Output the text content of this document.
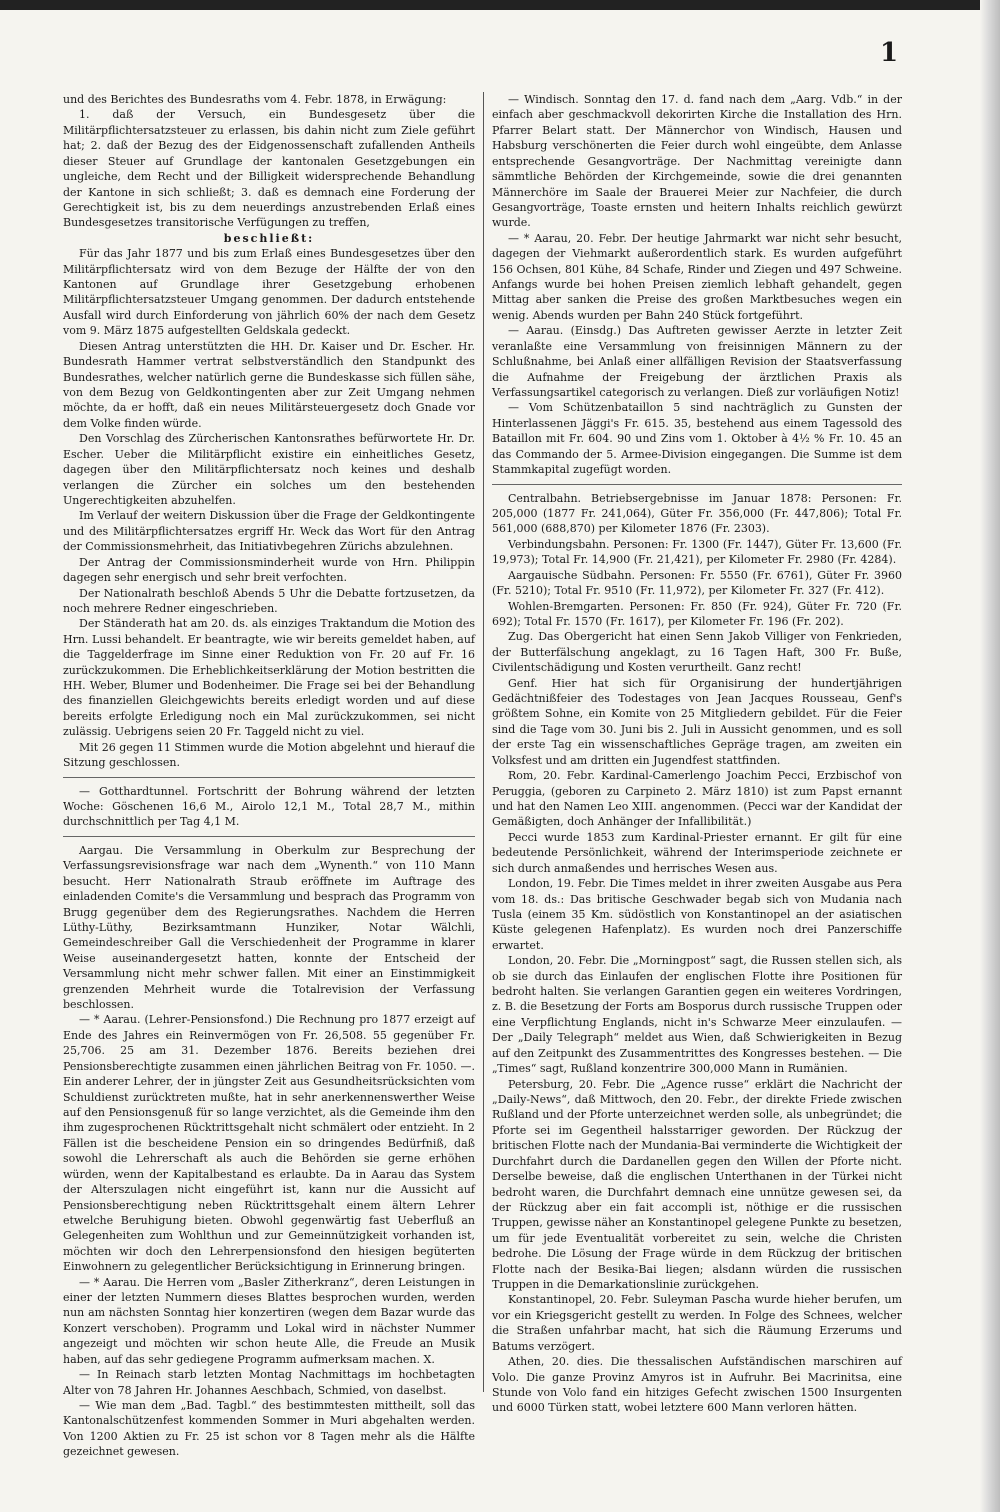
1

und des Berichtes des Bundesraths vom 4. Febr. 1878, in Erwägung:

1. daß der Versuch, ein Bundesgesetz über die Militärpflichtersatzsteuer zu erlassen, bis dahin nicht zum Ziele geführt hat; 2. daß der Bezug des der Eidgenossenschaft zufallenden Antheils dieser Steuer auf Grundlage der kantonalen Gesetzgebungen ein ungleiche, dem Recht und der Billigkeit widersprechende Behandlung der Kantone in sich schließt; 3. daß es demnach eine Forderung der Gerechtigkeit ist, bis zu dem neuerdings anzustrebenden Erlaß eines Bundesgesetzes transitorische Verfügungen zu treffen,

beschließt:

Für das Jahr 1877 und bis zum Erlaß eines Bundesgesetzes über den Militärpflichtersatz wird von dem Bezuge der Hälfte der von den Kantonen auf Grundlage ihrer Gesetzgebung erhobenen Militärpflichtersatzsteuer Umgang genommen. Der dadurch entstehende Ausfall wird durch Einforderung von jährlich 60% der nach dem Gesetz vom 9. März 1875 aufgestellten Geldskala gedeckt.

Diesen Antrag unterstützten die HH. Dr. Kaiser und Dr. Escher. Hr. Bundesrath Hammer vertrat selbstverständlich den Standpunkt des Bundesrathes, welcher natürlich gerne die Bundeskasse sich füllen sähe, von dem Bezug von Geldkontingenten aber zur Zeit Umgang nehmen möchte, da er hofft, daß ein neues Militärsteuergesetz doch Gnade vor dem Volke finden würde.

Den Vorschlag des Zürcherischen Kantonsrathes befürwortete Hr. Dr. Escher. Ueber die Militärpflicht existire ein einheitliches Gesetz, dagegen über den Militärpflichtersatz noch keines und deshalb verlangen die Zürcher ein solches um den bestehenden Ungerechtigkeiten abzuhelfen.

Im Verlauf der weitern Diskussion über die Frage der Geldkontingente und des Militärpflichtersatzes ergriff Hr. Weck das Wort für den Antrag der Commissionsmehrheit, das Initiativbegehren Zürichs abzulehnen.

Der Antrag der Commissionsminderheit wurde von Hrn. Philippin dagegen sehr energisch und sehr breit verfochten.

Der Nationalrath beschloß Abends 5 Uhr die Debatte fortzusetzen, da noch mehrere Redner eingeschrieben.

Der Ständerath hat am 20. ds. als einziges Traktandum die Motion des Hrn. Lussi behandelt. Er beantragte, wie wir bereits gemeldet haben, auf die Taggelderfrage im Sinne einer Reduktion von Fr. 20 auf Fr. 16 zurückzukommen. Die Erheblichkeitserklärung der Motion bestritten die HH. Weber, Blumer und Bodenheimer. Die Frage sei bei der Behandlung des finanziellen Gleichgewichts bereits erledigt worden und auf diese bereits erfolgte Erledigung noch ein Mal zurückzukommen, sei nicht zulässig. Uebrigens seien 20 Fr. Taggeld nicht zu viel.

Mit 26 gegen 11 Stimmen wurde die Motion abgelehnt und hierauf die Sitzung geschlossen.

— Gotthardtunnel. Fortschritt der Bohrung während der letzten Woche: Göschenen 16,6 M., Airolo 12,1 M., Total 28,7 M., mithin durchschnittlich per Tag 4,1 M.

Aargau. Die Versammlung in Oberkulm zur Besprechung der Verfassungsrevisionsfrage war nach dem „Wynenth.“ von 110 Mann besucht. Herr Nationalrath Straub eröffnete im Auftrage des einladenden Comite's die Versammlung und besprach das Programm von Brugg gegenüber dem des Regierungsrathes. Nachdem die Herren Lüthy-Lüthy, Bezirksamtmann Hunziker, Notar Wälchli, Gemeindeschreiber Gall die Verschiedenheit der Programme in klarer Weise auseinandergesetzt hatten, konnte der Entscheid der Versammlung nicht mehr schwer fallen. Mit einer an Einstimmigkeit grenzenden Mehrheit wurde die Totalrevision der Verfassung beschlossen.

— * Aarau. (Lehrer-Pensionsfond.) Die Rechnung pro 1877 erzeigt auf Ende des Jahres ein Reinvermögen von Fr. 26,508. 55 gegenüber Fr. 25,706. 25 am 31. Dezember 1876. Bereits beziehen drei Pensionsberechtigte zusammen einen jährlichen Beitrag von Fr. 1050. —. Ein anderer Lehrer, der in jüngster Zeit aus Gesundheitsrücksichten vom Schuldienst zurücktreten mußte, hat in sehr anerkennenswerther Weise auf den Pensionsgenuß für so lange verzichtet, als die Gemeinde ihm den ihm zugesprochenen Rücktrittsgehalt nicht schmälert oder entzieht. In 2 Fällen ist die bescheidene Pension ein so dringendes Bedürfniß, daß sowohl die Lehrerschaft als auch die Behörden sie gerne erhöhen würden, wenn der Kapitalbestand es erlaubte. Da in Aarau das System der Alterszulagen nicht eingeführt ist, kann nur die Aussicht auf Pensionsberechtigung neben Rücktrittsgehalt einem ältern Lehrer etwelche Beruhigung bieten. Obwohl gegenwärtig fast Ueberfluß an Gelegenheiten zum Wohlthun und zur Gemeinnützigkeit vorhanden ist, möchten wir doch den Lehrerpensionsfond den hiesigen begüterten Einwohnern zu gelegentlicher Berücksichtigung in Erinnerung bringen.

— * Aarau. Die Herren vom „Basler Zitherkranz“, deren Leistungen in einer der letzten Nummern dieses Blattes besprochen wurden, werden nun am nächsten Sonntag hier konzertiren (wegen dem Bazar wurde das Konzert verschoben). Programm und Lokal wird in nächster Nummer angezeigt und möchten wir schon heute Alle, die Freude an Musik haben, auf das sehr gediegene Programm aufmerksam machen. X.

— In Reinach starb letzten Montag Nachmittags im hochbetagten Alter von 78 Jahren Hr. Johannes Aeschbach, Schmied, von daselbst.

— Wie man dem „Bad. Tagbl.“ des bestimmtesten mittheilt, soll das Kantonalschützenfest kommenden Sommer in Muri abgehalten werden. Von 1200 Aktien zu Fr. 25 ist schon vor 8 Tagen mehr als die Hälfte gezeichnet gewesen.

— Windisch. Sonntag den 17. d. fand nach dem „Aarg. Vdb.“ in der einfach aber geschmackvoll dekorirten Kirche die Installation des Hrn. Pfarrer Belart statt. Der Männerchor von Windisch, Hausen und Habsburg verschönerten die Feier durch wohl eingeübte, dem Anlasse entsprechende Gesangvorträge. Der Nachmittag vereinigte dann sämmtliche Behörden der Kirchgemeinde, sowie die drei genannten Männerchöre im Saale der Brauerei Meier zur Nachfeier, die durch Gesangvorträge, Toaste ernsten und heitern Inhalts reichlich gewürzt wurde.

— * Aarau, 20. Febr. Der heutige Jahrmarkt war nicht sehr besucht, dagegen der Viehmarkt außerordentlich stark. Es wurden aufgeführt 156 Ochsen, 801 Kühe, 84 Schafe, Rinder und Ziegen und 497 Schweine. Anfangs wurde bei hohen Preisen ziemlich lebhaft gehandelt, gegen Mittag aber sanken die Preise des großen Marktbesuches wegen ein wenig. Abends wurden per Bahn 240 Stück fortgeführt.

— Aarau. (Einsdg.) Das Auftreten gewisser Aerzte in letzter Zeit veranlaßte eine Versammlung von freisinnigen Männern zu der Schlußnahme, bei Anlaß einer allfälligen Revision der Staatsverfassung die Aufnahme der Freigebung der ärztlichen Praxis als Verfassungsartikel categorisch zu verlangen. Dieß zur vorläufigen Notiz!

— Vom Schützenbataillon 5 sind nachträglich zu Gunsten der Hinterlassenen Jäggi's Fr. 615. 35, bestehend aus einem Tagessold des Bataillon mit Fr. 604. 90 und Zins vom 1. Oktober à 4½ % Fr. 10. 45 an das Commando der 5. Armee-Division eingegangen. Die Summe ist dem Stammkapital zugefügt worden.

Centralbahn. Betriebsergebnisse im Januar 1878: Personen: Fr. 205,000 (1877 Fr. 241,064), Güter Fr. 356,000 (Fr. 447,806); Total Fr. 561,000 (688,870) per Kilometer 1876 (Fr. 2303).

Verbindungsbahn. Personen: Fr. 1300 (Fr. 1447), Güter Fr. 13,600 (Fr. 19,973); Total Fr. 14,900 (Fr. 21,421), per Kilometer Fr. 2980 (Fr. 4284).

Aargauische Südbahn. Personen: Fr. 5550 (Fr. 6761), Güter Fr. 3960 (Fr. 5210); Total Fr. 9510 (Fr. 11,972), per Kilometer Fr. 327 (Fr. 412).

Wohlen-Bremgarten. Personen: Fr. 850 (Fr. 924), Güter Fr. 720 (Fr. 692); Total Fr. 1570 (Fr. 1617), per Kilometer Fr. 196 (Fr. 202).

Zug. Das Obergericht hat einen Senn Jakob Villiger von Fenkrieden, der Butterfälschung angeklagt, zu 16 Tagen Haft, 300 Fr. Buße, Civilentschädigung und Kosten verurtheilt. Ganz recht!

Genf. Hier hat sich für Organisirung der hundertjährigen Gedächtnißfeier des Todestages von Jean Jacques Rousseau, Genf's größtem Sohne, ein Komite von 25 Mitgliedern gebildet. Für die Feier sind die Tage vom 30. Juni bis 2. Juli in Aussicht genommen, und es soll der erste Tag ein wissenschaftliches Gepräge tragen, am zweiten ein Volksfest und am dritten ein Jugendfest stattfinden.

Rom, 20. Febr. Kardinal-Camerlengo Joachim Pecci, Erzbischof von Peruggia, (geboren zu Carpineto 2. März 1810) ist zum Papst ernannt und hat den Namen Leo XIII. angenommen. (Pecci war der Kandidat der Gemäßigten, doch Anhänger der Infallibilität.)

Pecci wurde 1853 zum Kardinal-Priester ernannt. Er gilt für eine bedeutende Persönlichkeit, während der Interimsperiode zeichnete er sich durch anmaßendes und herrisches Wesen aus.

London, 19. Febr. Die Times meldet in ihrer zweiten Ausgabe aus Pera vom 18. ds.: Das britische Geschwader begab sich von Mudania nach Tusla (einem 35 Km. südöstlich von Konstantinopel an der asiatischen Küste gelegenen Hafenplatz). Es wurden noch drei Panzerschiffe erwartet.

London, 20. Febr. Die „Morningpost“ sagt, die Russen stellen sich, als ob sie durch das Einlaufen der englischen Flotte ihre Positionen für bedroht halten. Sie verlangen Garantien gegen ein weiteres Vordringen, z. B. die Besetzung der Forts am Bosporus durch russische Truppen oder eine Verpflichtung Englands, nicht in's Schwarze Meer einzulaufen. — Der „Daily Telegraph“ meldet aus Wien, daß Schwierigkeiten in Bezug auf den Zeitpunkt des Zusammentrittes des Kongresses bestehen. — Die „Times“ sagt, Rußland konzentrire 300,000 Mann in Rumänien.

Petersburg, 20. Febr. Die „Agence russe“ erklärt die Nachricht der „Daily-News“, daß Mittwoch, den 20. Febr., der direkte Friede zwischen Rußland und der Pforte unterzeichnet werden solle, als unbegründet; die Pforte sei im Gegentheil halsstarriger geworden. Der Rückzug der britischen Flotte nach der Mundania-Bai verminderte die Wichtigkeit der Durchfahrt durch die Dardanellen gegen den Willen der Pforte nicht. Derselbe beweise, daß die englischen Unterthanen in der Türkei nicht bedroht waren, die Durchfahrt demnach eine unnütze gewesen sei, da der Rückzug aber ein fait accompli ist, nöthige er die russischen Truppen, gewisse näher an Konstantinopel gelegene Punkte zu besetzen, um für jede Eventualität vorbereitet zu sein, welche die Christen bedrohe. Die Lösung der Frage würde in dem Rückzug der britischen Flotte nach der Besika-Bai liegen; alsdann würden die russischen Truppen in die Demarkationslinie zurückgehen.

Konstantinopel, 20. Febr. Suleyman Pascha wurde hieher berufen, um vor ein Kriegsgericht gestellt zu werden. In Folge des Schnees, welcher die Straßen unfahrbar macht, hat sich die Räumung Erzerums und Batums verzögert.

Athen, 20. dies. Die thessalischen Aufständischen marschiren auf Volo. Die ganze Provinz Amyros ist in Aufruhr. Bei Macrinitsa, eine Stunde von Volo fand ein hitziges Gefecht zwischen 1500 Insurgenten und 6000 Türken statt, wobei letztere 600 Mann verloren hätten.
